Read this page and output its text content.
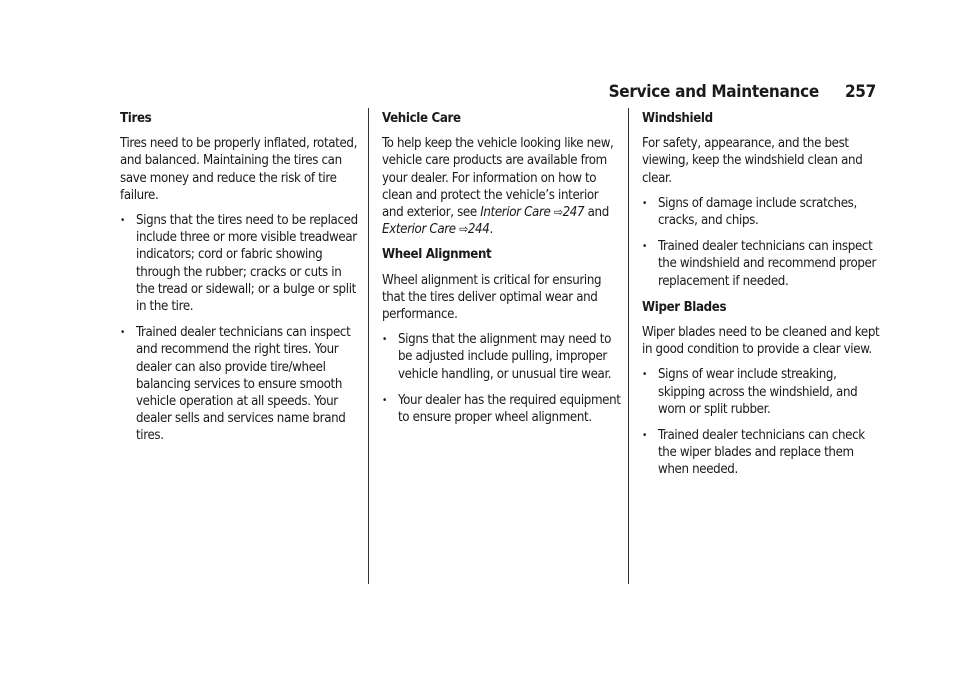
Service and Maintenance 257
Tires

Tires need to be properly inflated, rotated, and balanced. Maintaining the tires can save money and reduce the risk of tire failure.

• Signs that the tires need to be replaced include three or more visible treadwear indicators; cord or fabric showing through the rubber; cracks or cuts in the tread or sidewall; or a bulge or split in the tire.
• Trained dealer technicians can inspect and recommend the right tires. Your dealer can also provide tire/wheel balancing services to ensure smooth vehicle operation at all speeds. Your dealer sells and services name brand tires.
Vehicle Care

To help keep the vehicle looking like new, vehicle care products are available from your dealer. For information on how to clean and protect the vehicle’s interior and exterior, see Interior Care ⇨247 and
Exterior Care ⇨244.

Wheel Alignment

Wheel alignment is critical for ensuring that the tires deliver optimal wear and performance.

• Signs that the alignment may need to be adjusted include pulling, improper vehicle handling, or unusual tire wear.
• Your dealer has the required equipment to ensure proper wheel alignment.
Windshield

For safety, appearance, and the best viewing, keep the windshield clean and clear.

• Signs of damage include scratches, cracks, and chips.
• Trained dealer technicians can inspect the windshield and recommend proper replacement if needed.
Wiper Blades

Wiper blades need to be cleaned and kept in good condition to provide a clear view.

• Signs of wear include streaking, skipping across the windshield, and worn or split rubber.
• Trained dealer technicians can check the wiper blades and replace them when needed.
